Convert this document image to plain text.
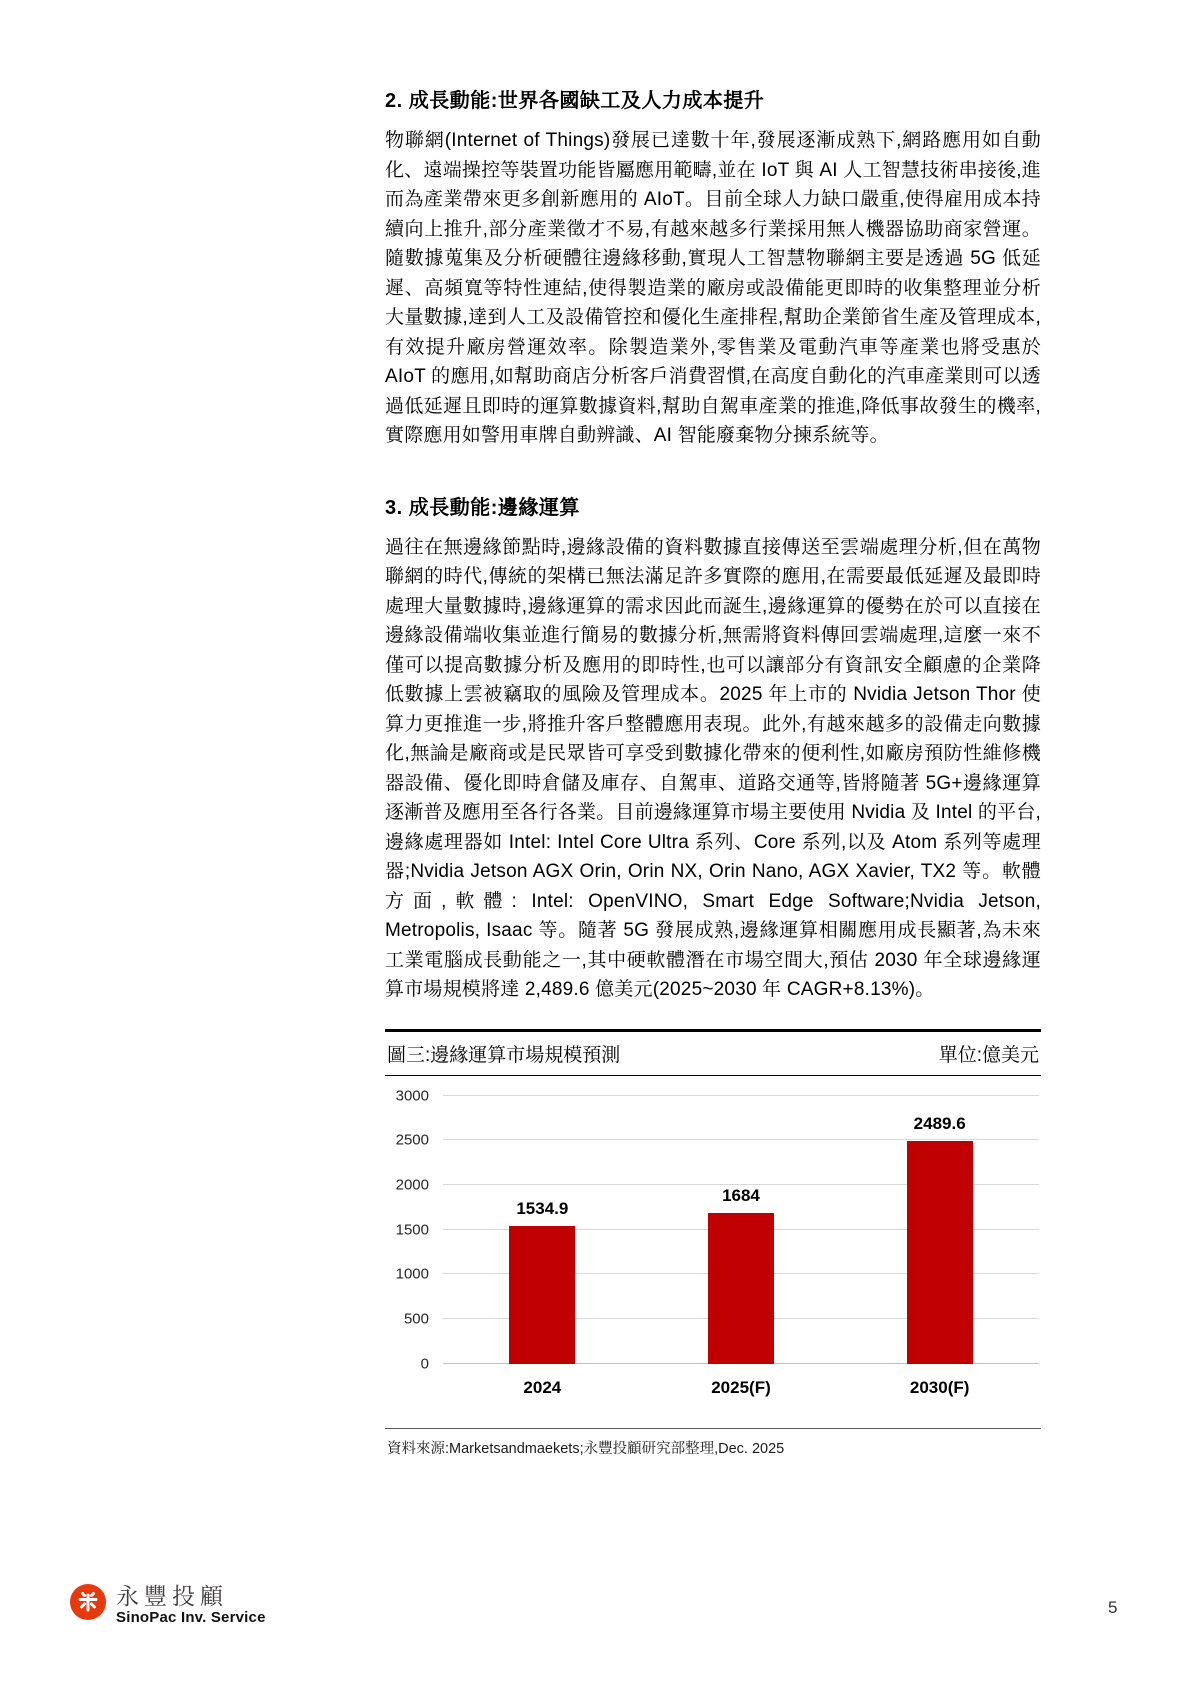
2. 成長動能:世界各國缺工及人力成本提升
物聯網(Internet of Things)發展已達數十年,發展逐漸成熟下,網路應用如自動化、遠端操控等裝置功能皆屬應用範疇,並在 IoT 與 AI 人工智慧技術串接後,進而為產業帶來更多創新應用的 AIoT。目前全球人力缺口嚴重,使得雇用成本持續向上推升,部分產業徵才不易,有越來越多行業採用無人機器協助商家營運。隨數據蒐集及分析硬體往邊緣移動,實現人工智慧物聯網主要是透過 5G 低延遲、高頻寬等特性連結,使得製造業的廠房或設備能更即時的收集整理並分析大量數據,達到人工及設備管控和優化生產排程,幫助企業節省生產及管理成本,有效提升廠房營運效率。除製造業外,零售業及電動汽車等產業也將受惠於 AIoT 的應用,如幫助商店分析客戶消費習慣,在高度自動化的汽車產業則可以透過低延遲且即時的運算數據資料,幫助自駕車產業的推進,降低事故發生的機率,實際應用如警用車牌自動辨識、AI 智能廢棄物分揀系統等。
3. 成長動能:邊緣運算
過往在無邊緣節點時,邊緣設備的資料數據直接傳送至雲端處理分析,但在萬物聯網的時代,傳統的架構已無法滿足許多實際的應用,在需要最低延遲及最即時處理大量數據時,邊緣運算的需求因此而誕生,邊緣運算的優勢在於可以直接在邊緣設備端收集並進行簡易的數據分析,無需將資料傳回雲端處理,這麼一來不僅可以提高數據分析及應用的即時性,也可以讓部分有資訊安全顧慮的企業降低數據上雲被竊取的風險及管理成本。2025 年上市的 Nvidia Jetson Thor 使算力更推進一步,將推升客戶整體應用表現。此外,有越來越多的設備走向數據化,無論是廠商或是民眾皆可享受到數據化帶來的便利性,如廠房預防性維修機器設備、優化即時倉儲及庫存、自駕車、道路交通等,皆將隨著 5G+邊緣運算逐漸普及應用至各行各業。目前邊緣運算市場主要使用 Nvidia 及 Intel 的平台,邊緣處理器如 Intel: Intel Core Ultra 系列、Core 系列,以及 Atom 系列等處理器;Nvidia Jetson AGX Orin, Orin NX, Orin Nano, AGX Xavier, TX2 等。軟體方面,軟體: Intel: OpenVINO, Smart Edge Software;Nvidia Jetson, Metropolis, Isaac 等。隨著 5G 發展成熟,邊緣運算相關應用成長顯著,為未來工業電腦成長動能之一,其中硬軟體潛在市場空間大,預估 2030 年全球邊緣運算市場規模將達 2,489.6 億美元(2025~2030 年 CAGR+8.13%)。
圖三:邊緣運算市場規模預測	單位:億美元
0
500
1000
1500
2000
2500
3000
1534.9
2024
1684
2025(F)
2489.6
2030(F)
資料來源:Marketsandmaekets;永豐投顧研究部整理,Dec. 2025
永豐投顧
SinoPac Inv. Service
5
